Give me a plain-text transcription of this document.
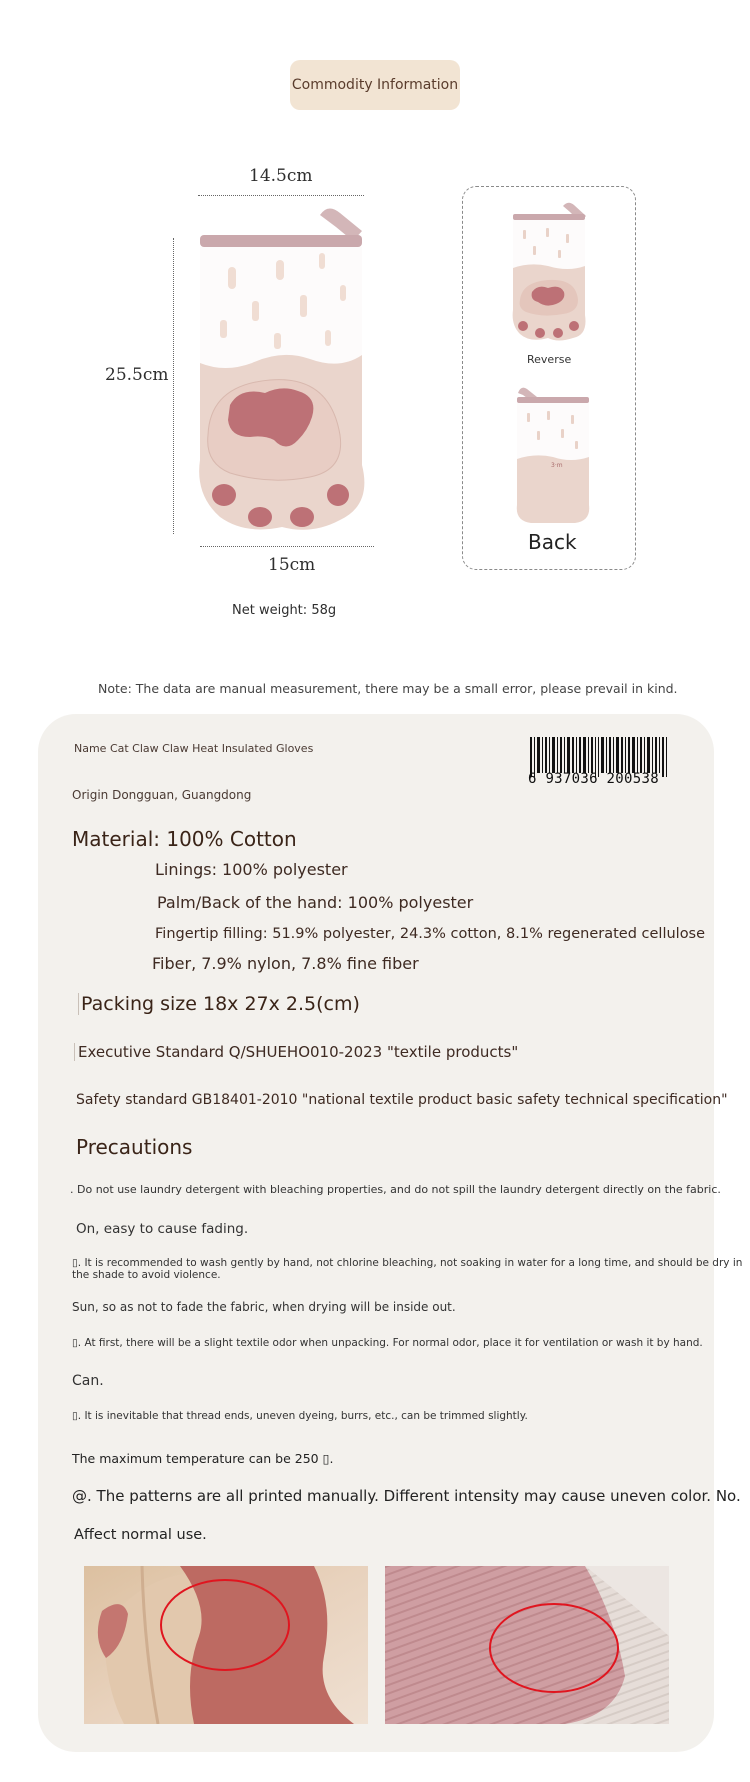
Commodity Information
14.5cm
25.5cm
15cm
Net weight: 58g
Reverse
3·m
Back
Note: The data are manual measurement, there may be a small error, please prevail in kind.
Name Cat Claw Claw Heat Insulated Gloves
6 937036 200538
Origin Dongguan, Guangdong
Material: 100% Cotton
Linings: 100% polyester
Palm/Back of the hand: 100% polyester
Fingertip filling: 51.9% polyester, 24.3% cotton, 8.1% regenerated cellulose
Fiber, 7.9% nylon, 7.8% fine fiber
Packing size 18x 27x 2.5(cm)
Executive Standard Q/SHUEHO010-2023 "textile products"
Safety standard GB18401-2010 "national textile product basic safety technical specification"
Precautions
. Do not use laundry detergent with bleaching properties, and do not spill the laundry detergent directly on the fabric.
On, easy to cause fading.
▯. It is recommended to wash gently by hand, not chlorine bleaching, not soaking in water for a long time, and should be dry in
the shade to avoid violence.
Sun, so as not to fade the fabric, when drying will be inside out.
▯. At first, there will be a slight textile odor when unpacking. For normal odor, place it for ventilation or wash it by hand.
Can.
▯. It is inevitable that thread ends, uneven dyeing, burrs, etc., can be trimmed slightly.
The maximum temperature can be 250 ▯.
@. The patterns are all printed manually. Different intensity may cause uneven color. No.
Affect normal use.
